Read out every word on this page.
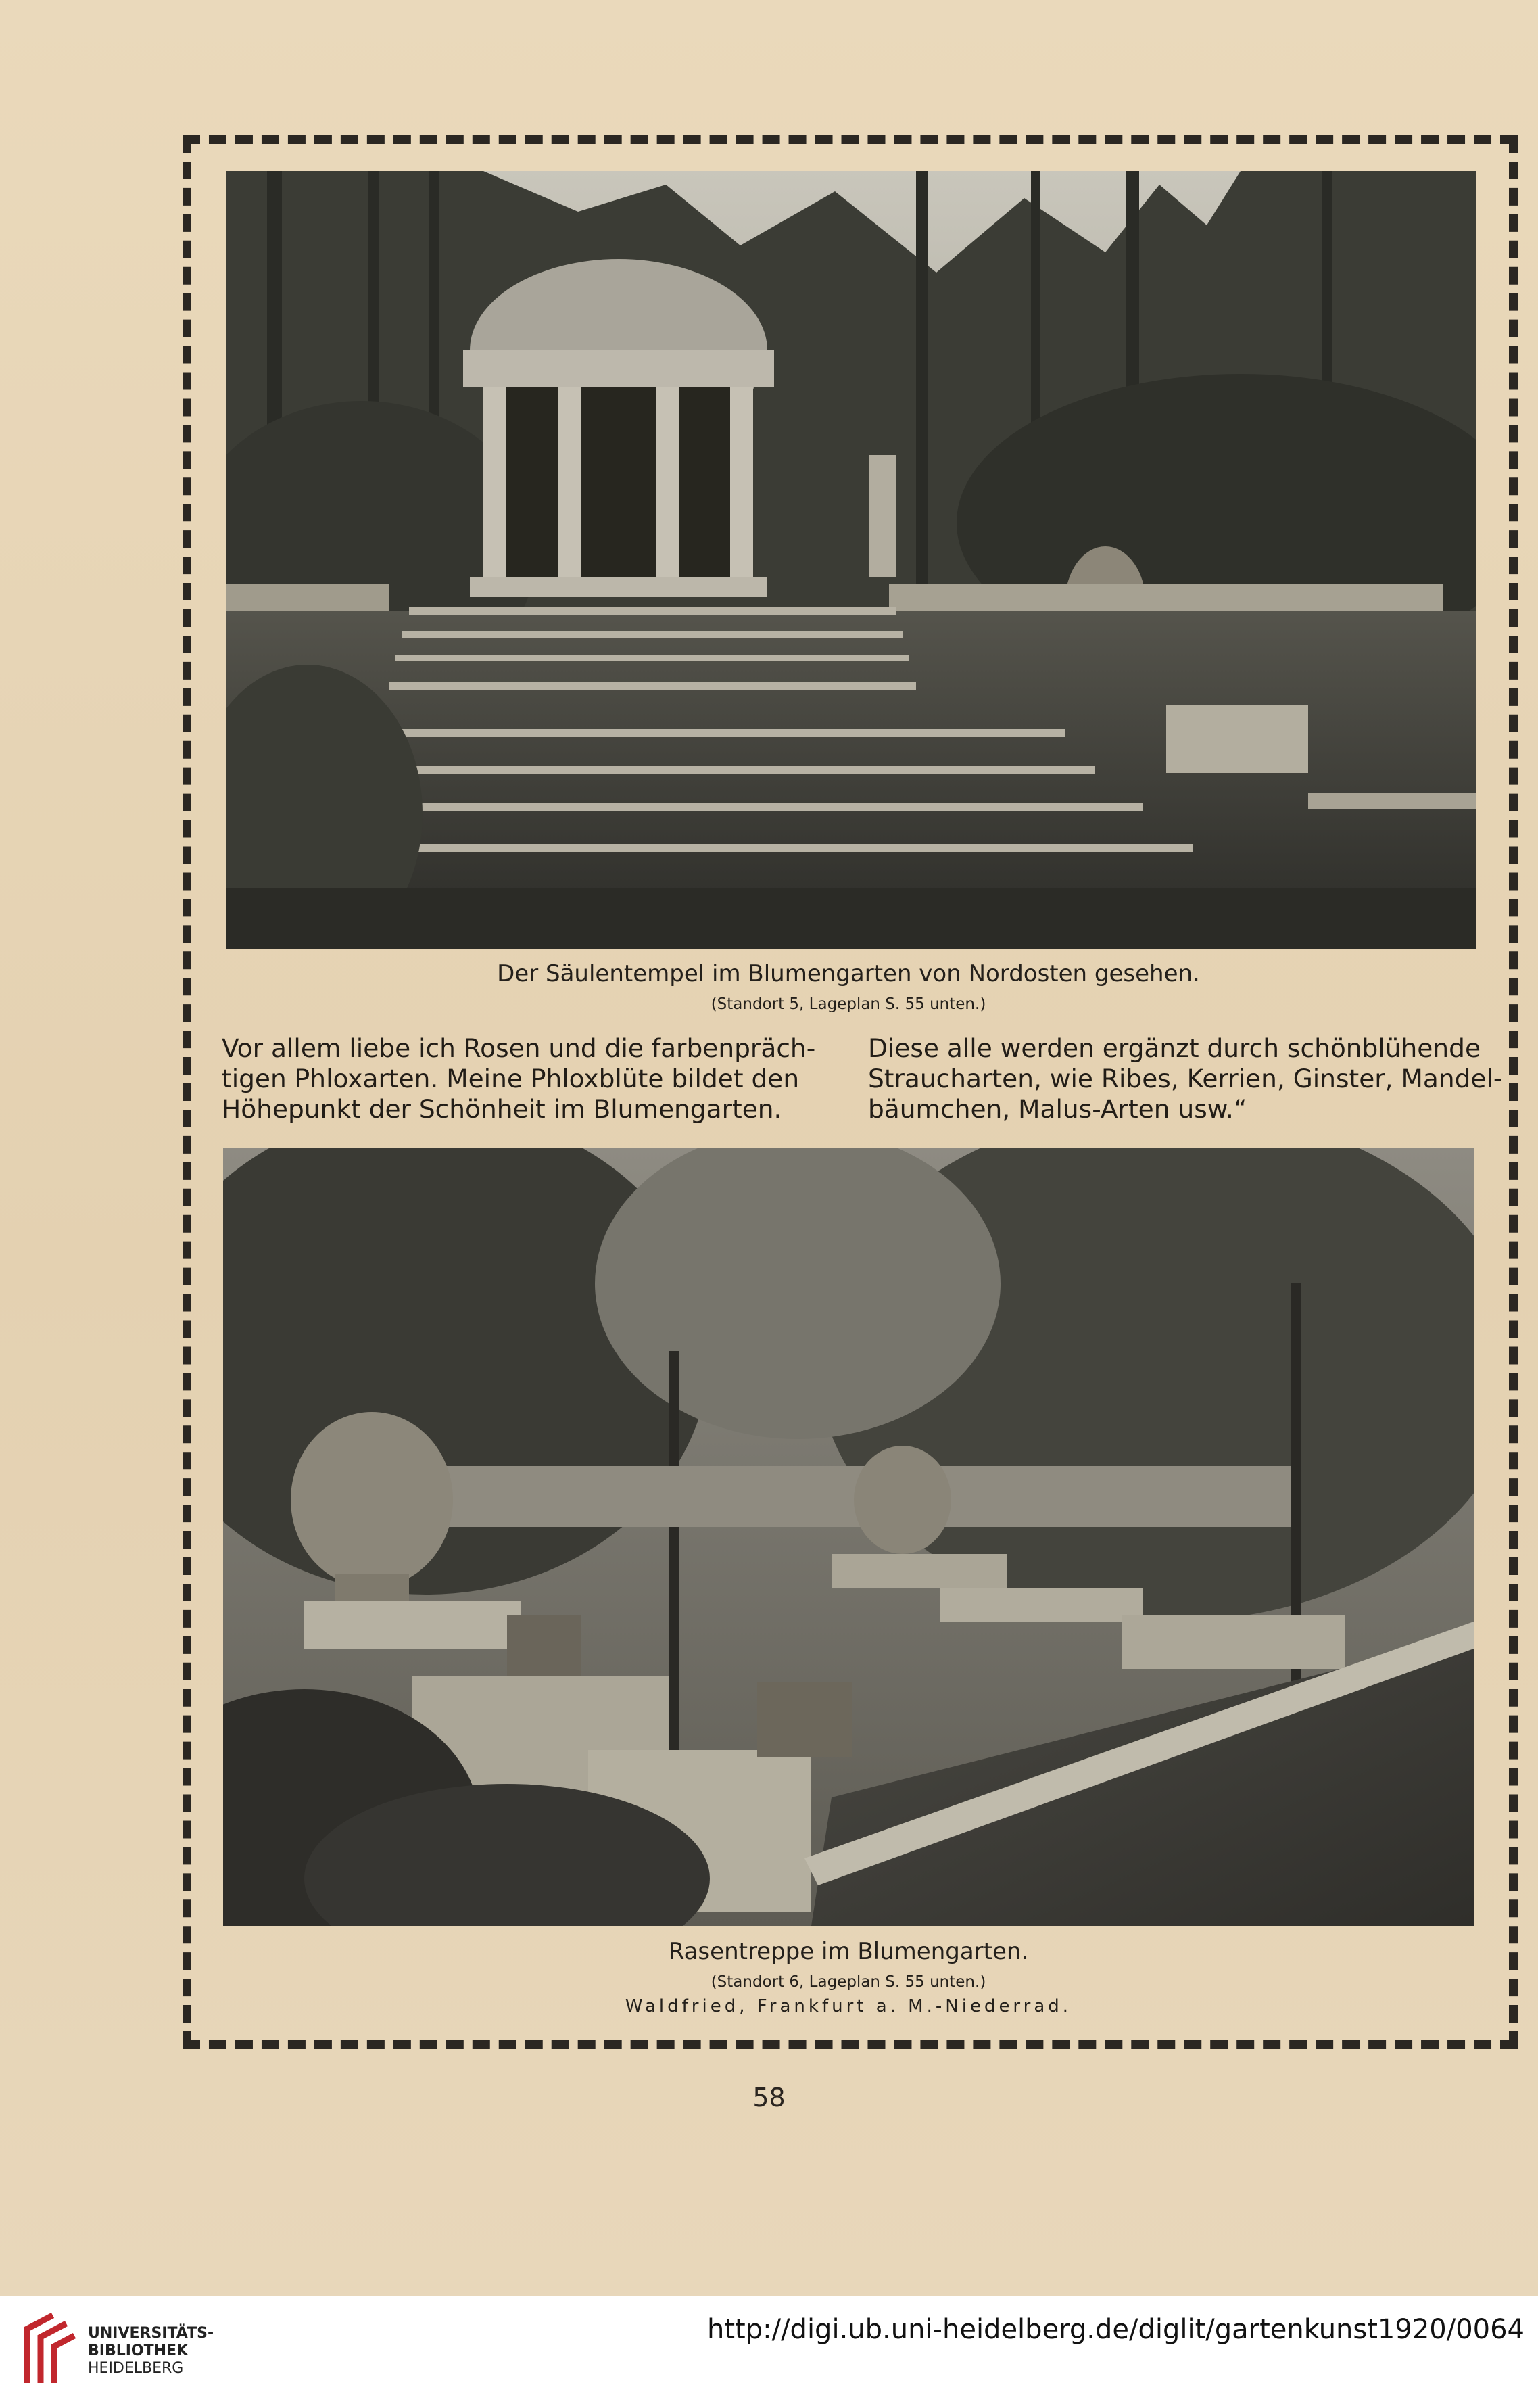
Der Säulentempel im Blumengarten von Nordosten gesehen.
(Standort 5, Lageplan S. 55 unten.)

Vor allem liebe ich Rosen und die farbenpräch-
tigen Phloxarten. Meine Phloxblüte bildet den
Höhepunkt der Schönheit im Blumengarten.

Diese alle werden ergänzt durch schönblühende
Straucharten, wie Ribes, Kerrien, Ginster, Mandel-
bäumchen, Malus-Arten usw.“

Rasentreppe im Blumengarten.
(Standort 6, Lageplan S. 55 unten.)
Waldfried, Frankfurt a. M.-Niederrad.
58
UNIVERSITÄTS-
BIBLIOTHEK
HEIDELBERG
http://digi.ub.uni-heidelberg.de/diglit/gartenkunst1920/0064
